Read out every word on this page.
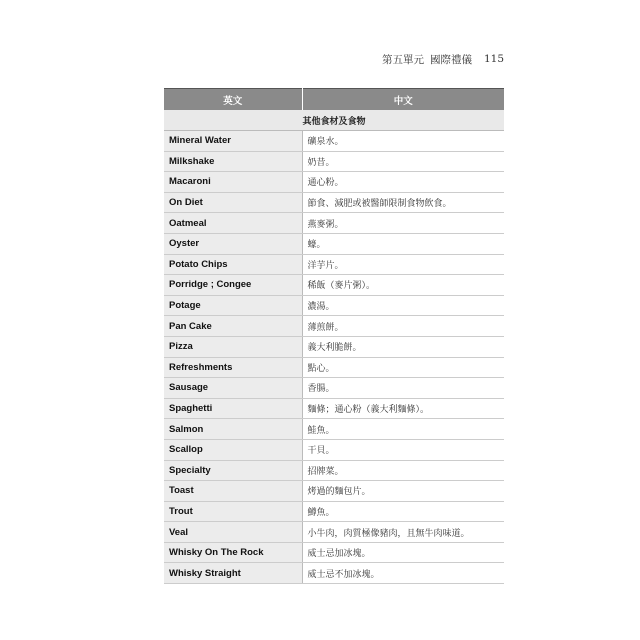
第五單元 國際禮儀 115
英文	中文
其他食材及食物	
Mineral Water	礦泉水。
Milkshake	奶昔。
Macaroni	通心粉。
On Diet	節食、減肥或被醫師限制食物飲食。
Oatmeal	燕麥粥。
Oyster	蠔。
Potato Chips	洋芋片。
Porridge ; Congee	稀飯（麥片粥）。
Potage	濃湯。
Pan Cake	薄煎餅。
Pizza	義大利脆餅。
Refreshments	點心。
Sausage	香腸。
Spaghetti	麵條；通心粉（義大利麵條）。
Salmon	鮭魚。
Scallop	干貝。
Specialty	招牌菜。
Toast	烤過的麵包片。
Trout	鱒魚。
Veal	小牛肉，肉質極像豬肉，且無牛肉味道。
Whisky On The Rock	威士忌加冰塊。
Whisky Straight	威士忌不加冰塊。
